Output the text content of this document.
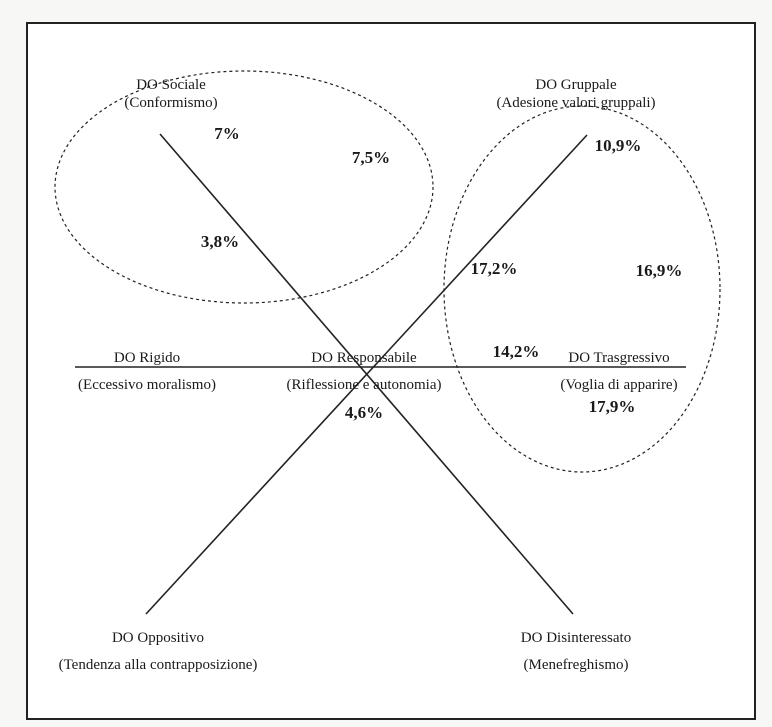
DO Sociale
(Conformismo)
DO Gruppale
(Adesione valori gruppali)
DO Rigido
(Eccessivo moralismo)
DO Responsabile
(Riflessione e autonomia)
DO Trasgressivo
(Voglia di apparire)
DO Oppositivo
(Tendenza alla contrapposizione)
DO Disinteressato
(Menefreghismo)
7%
7,5%
3,8%
10,9%
17,2%	16,9%
14,2%
17,9%
4,6%
